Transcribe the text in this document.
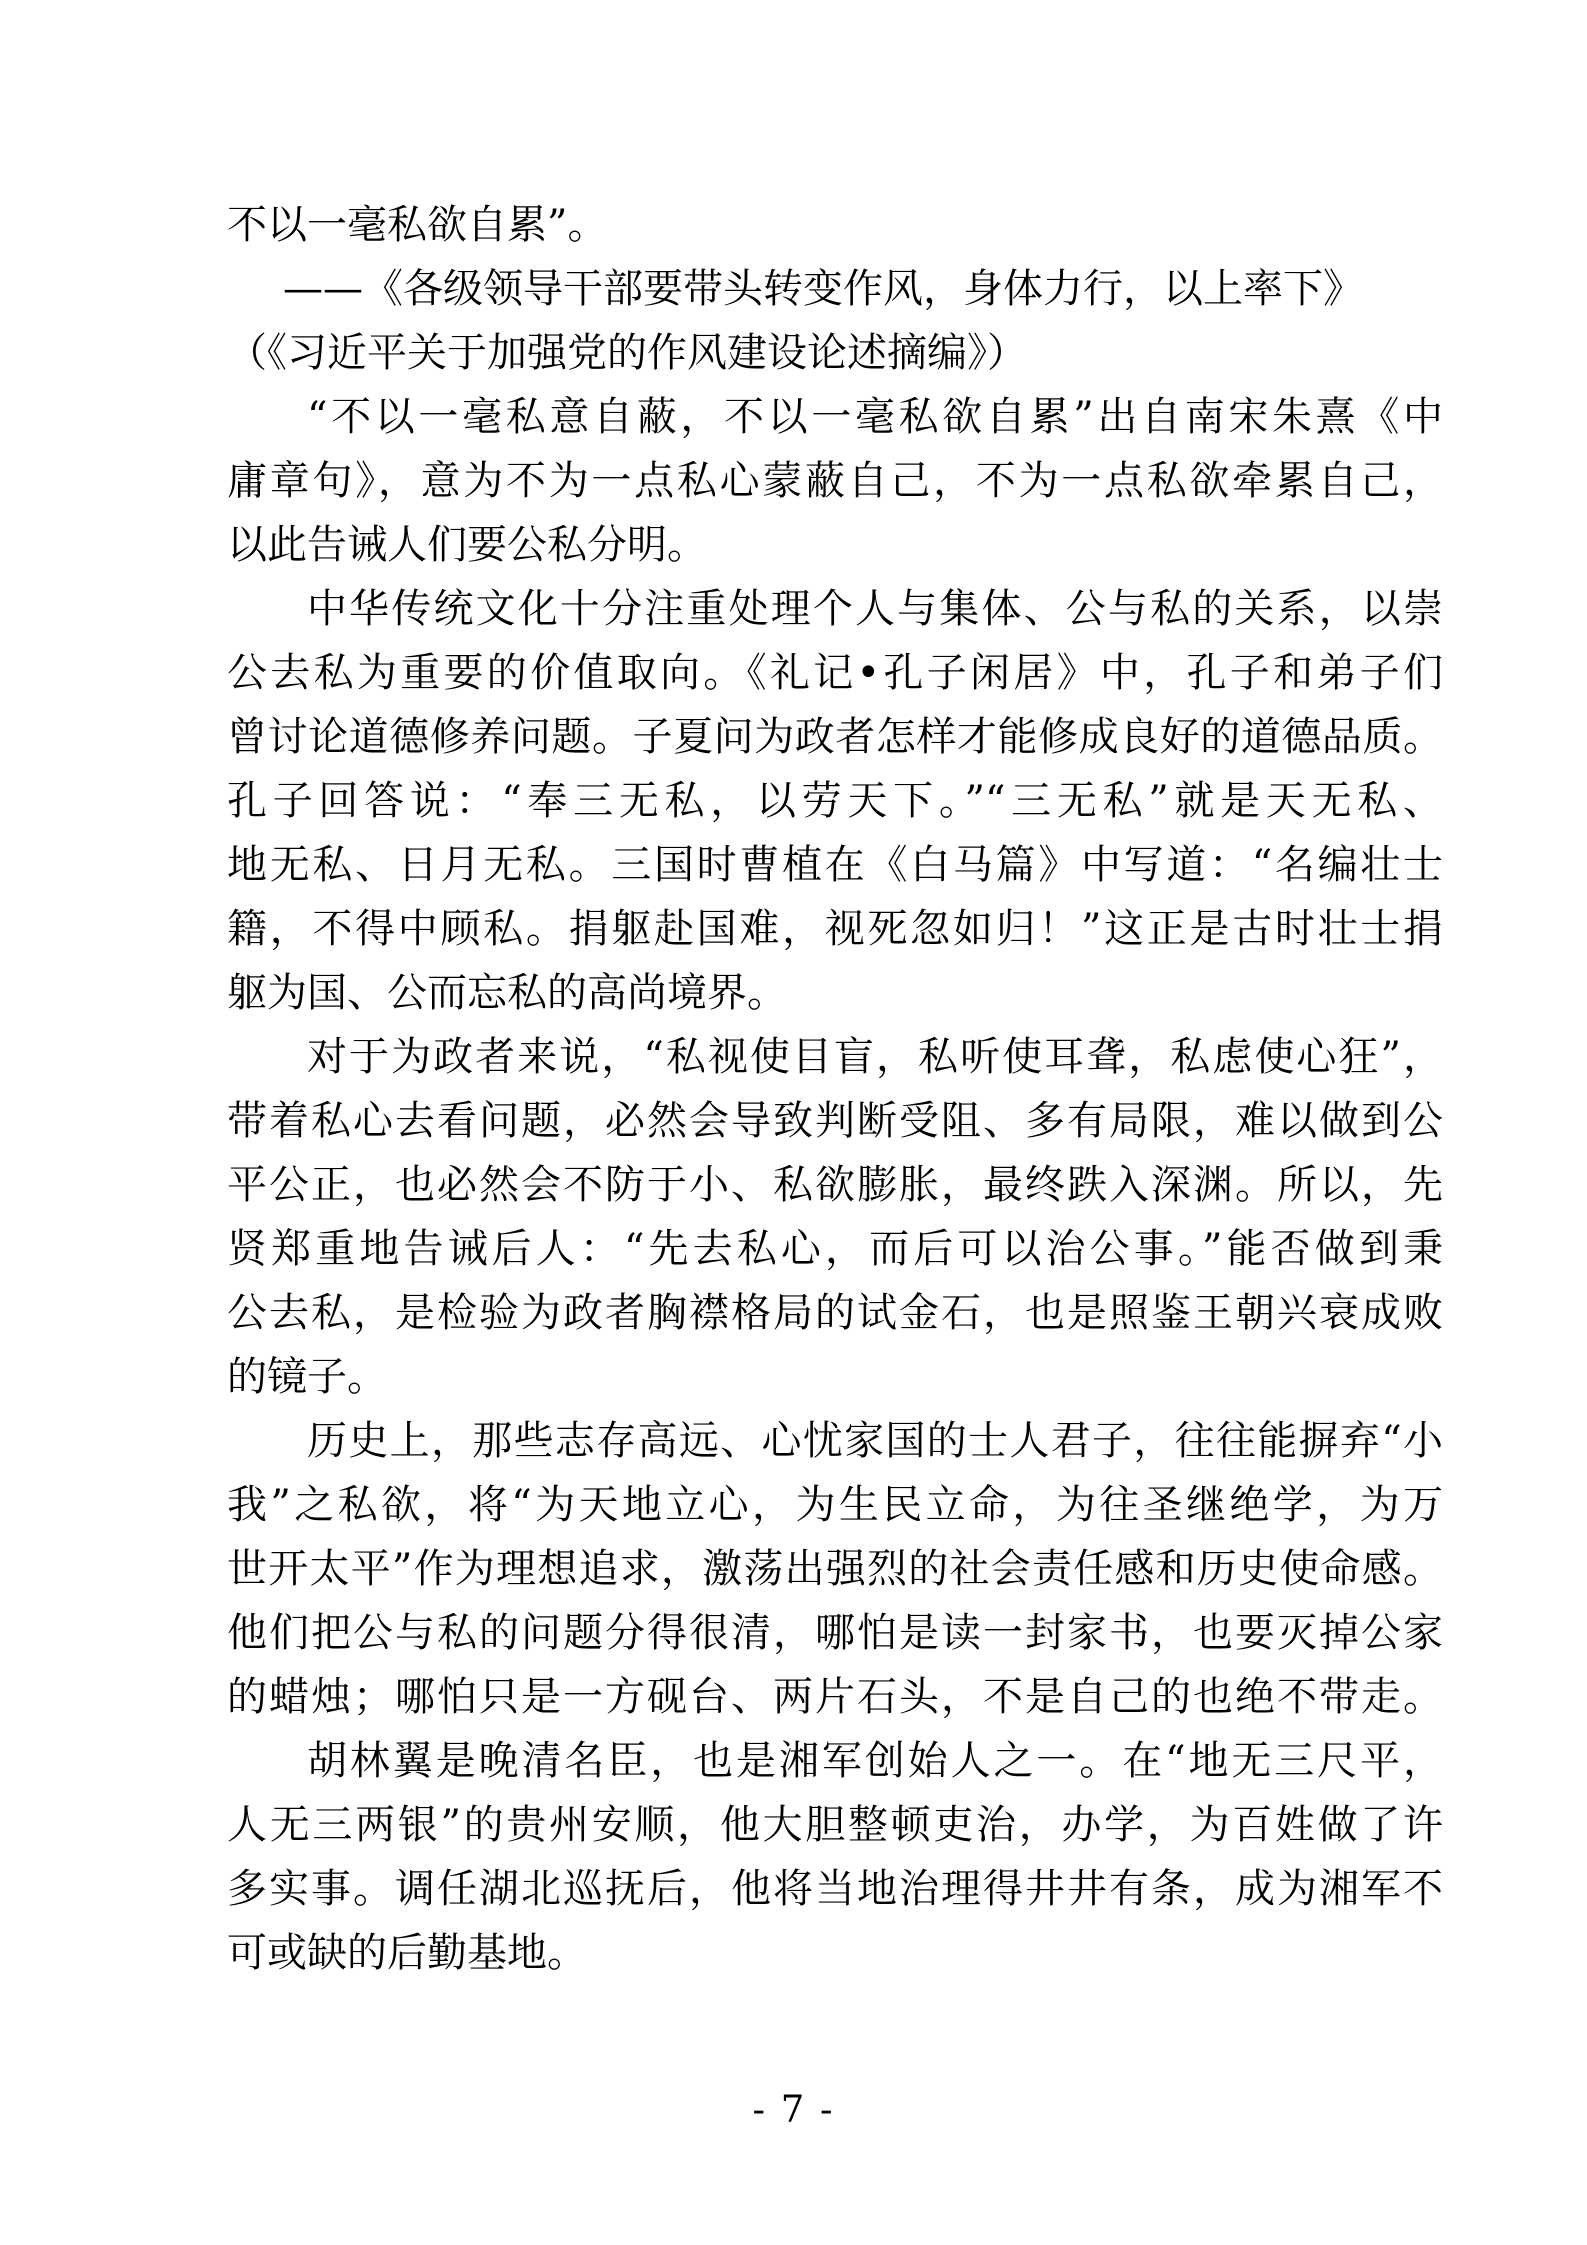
不以一毫私欲自累”。
——《各级领导干部要带头转变作风，身体力行，以上率下》
（《习近平关于加强党的作风建设论述摘编》）
“不以一毫私意自蔽，不以一毫私欲自累”出自南宋朱熹《中
庸章句》，意为不为一点私心蒙蔽自己，不为一点私欲牵累自己，
以此告诫人们要公私分明。
中华传统文化十分注重处理个人与集体、公与私的关系，以崇
公去私为重要的价值取向。《礼记•孔子闲居》中，孔子和弟子们
曾讨论道德修养问题。子夏问为政者怎样才能修成良好的道德品质。
孔子回答说：“奉三无私，以劳天下。”“三无私”就是天无私、
地无私、日月无私。三国时曹植在《白马篇》中写道：“名编壮士
籍，不得中顾私。捐躯赴国难，视死忽如归！”这正是古时壮士捐
躯为国、公而忘私的高尚境界。
对于为政者来说，“私视使目盲，私听使耳聋，私虑使心狂”，
带着私心去看问题，必然会导致判断受阻、多有局限，难以做到公
平公正，也必然会不防于小、私欲膨胀，最终跌入深渊。所以，先
贤郑重地告诫后人：“先去私心，而后可以治公事。”能否做到秉
公去私，是检验为政者胸襟格局的试金石，也是照鉴王朝兴衰成败
的镜子。
历史上，那些志存高远、心忧家国的士人君子，往往能摒弃“小
我”之私欲，将“为天地立心，为生民立命，为往圣继绝学，为万
世开太平”作为理想追求，激荡出强烈的社会责任感和历史使命感。
他们把公与私的问题分得很清，哪怕是读一封家书，也要灭掉公家
的蜡烛；哪怕只是一方砚台、两片石头，不是自己的也绝不带走。
胡林翼是晚清名臣，也是湘军创始人之一。在“地无三尺平，
人无三两银”的贵州安顺，他大胆整顿吏治，办学，为百姓做了许
多实事。调任湖北巡抚后，他将当地治理得井井有条，成为湘军不
可或缺的后勤基地。
- 7 -
